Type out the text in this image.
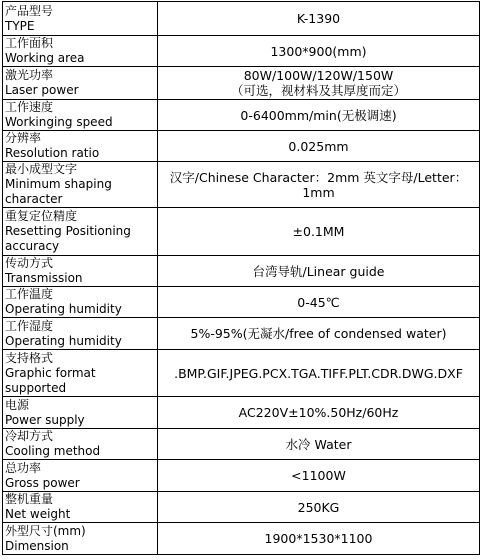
产品型号
TYPE	K-1390

工作面积
Working area	1300*900(mm)

激光功率
Laser power	80W/100W/120W/150W
（可选，视材料及其厚度而定）

工作速度
Workinging speed	0-6400mm/min(无极调速)

分辨率
Resolution ratio	0.025mm

最小成型文字
Minimum shaping
character	汉字/Chinese Character：2mm 英文字母/Letter：
1mm

重复定位精度
Resetting Positioning
accuracy	±0.1MM

传动方式
Transmission	台湾导轨/Linear guide

工作温度
Operating humidity	0-45℃

工作湿度
Operating humidity	5%-95%(无凝水/free of condensed water)

支持格式
Graphic format
supported	.BMP.GIF.JPEG.PCX.TGA.TIFF.PLT.CDR.DWG.DXF

电源
Power supply	AC220V±10%.50Hz/60Hz

冷却方式
Cooling method	水冷 Water

总功率
Gross power	<1100W

整机重量
Net weight	250KG

外型尺寸(mm)
Dimension	1900*1530*1100
